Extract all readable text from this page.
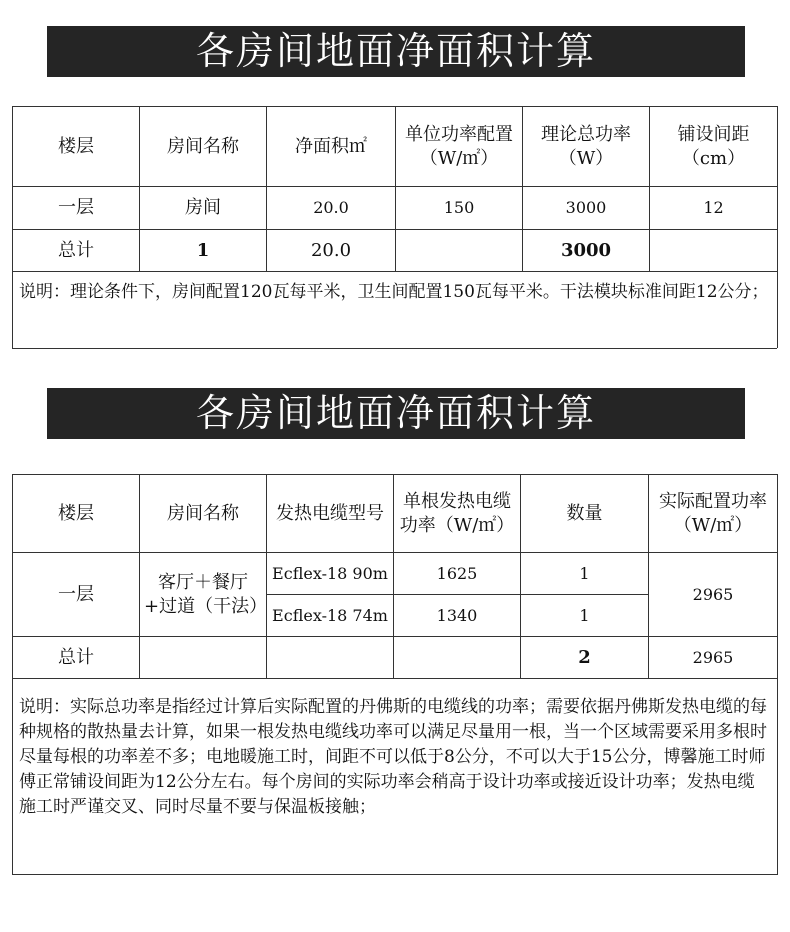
各房间地面净面积计算
楼层	房间名称	净面积㎡	单位功率配置（W/㎡）	理论总功率（W）	铺设间距（cm）
一层	房间	20.0	150	3000	12
总计	1	20.0		3000	
说明：理论条件下，房间配置120瓦每平米，卫生间配置150瓦每平米。干法模块标准间距12公分；					
各房间地面净面积计算
楼层	房间名称	发热电缆型号	单根发热电缆功率（W/㎡）	数量	实际配置功率（W/㎡）
一层	客厅＋餐厅+过道（干法）	Ecflex-18 90m	1625	1	2965
		Ecflex-18 74m	1340	1	
总计				2	2965
说明：实际总功率是指经过计算后实际配置的丹佛斯的电缆线的功率；需要依据丹佛斯发热电缆的每种规格的散热量去计算，如果一根发热电缆线功率可以满足尽量用一根，当一个区域需要采用多根时尽量每根的功率差不多；电地暖施工时，间距不可以低于8公分，不可以大于15公分，博馨施工时师傅正常铺设间距为12公分左右。每个房间的实际功率会稍高于设计功率或接近设计功率；发热电缆施工时严谨交叉、同时尽量不要与保温板接触；					
